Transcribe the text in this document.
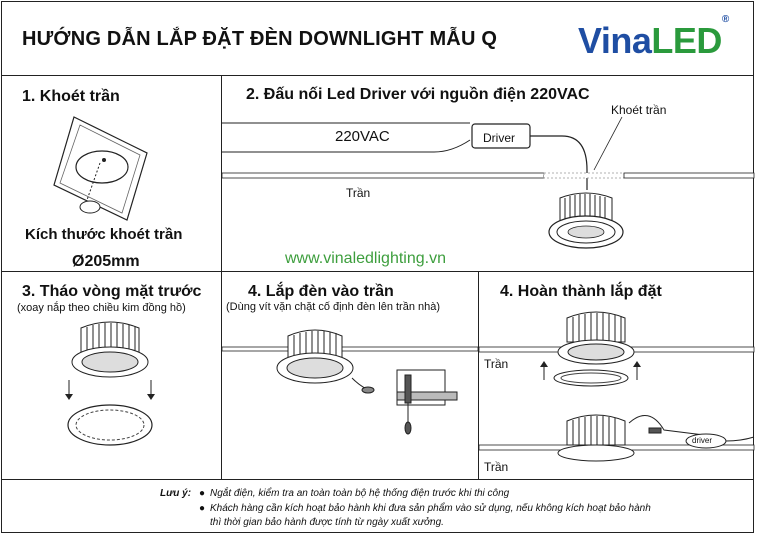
HƯỚNG DẪN LẮP ĐẶT ĐÈN DOWNLIGHT MẪU Q VinaLED®
1. Khoét trần
Kích thước khoét trần
Ø205mm
2. Đấu nối Led Driver với nguồn điện 220VAC
220VAC	Driver
Khoét trần
Trần
www.vinaledlighting.vn
3. Tháo vòng mặt trước
(xoay nắp theo chiều kim đồng hồ)
4. Lắp đèn vào trần
(Dùng vít vặn chặt cố định đèn lên trần nhà)
4. Hoàn thành lắp đặt
Trần
Trần
driver
Lưu ý: ● Ngắt điện, kiểm tra an toàn toàn bộ hệ thống điện trước khi thi công
● Khách hàng cần kích hoạt bảo hành khi đưa sản phẩm vào sử dụng, nếu không kích hoạt bảo hành
thì thời gian bảo hành được tính từ ngày xuất xưởng.
